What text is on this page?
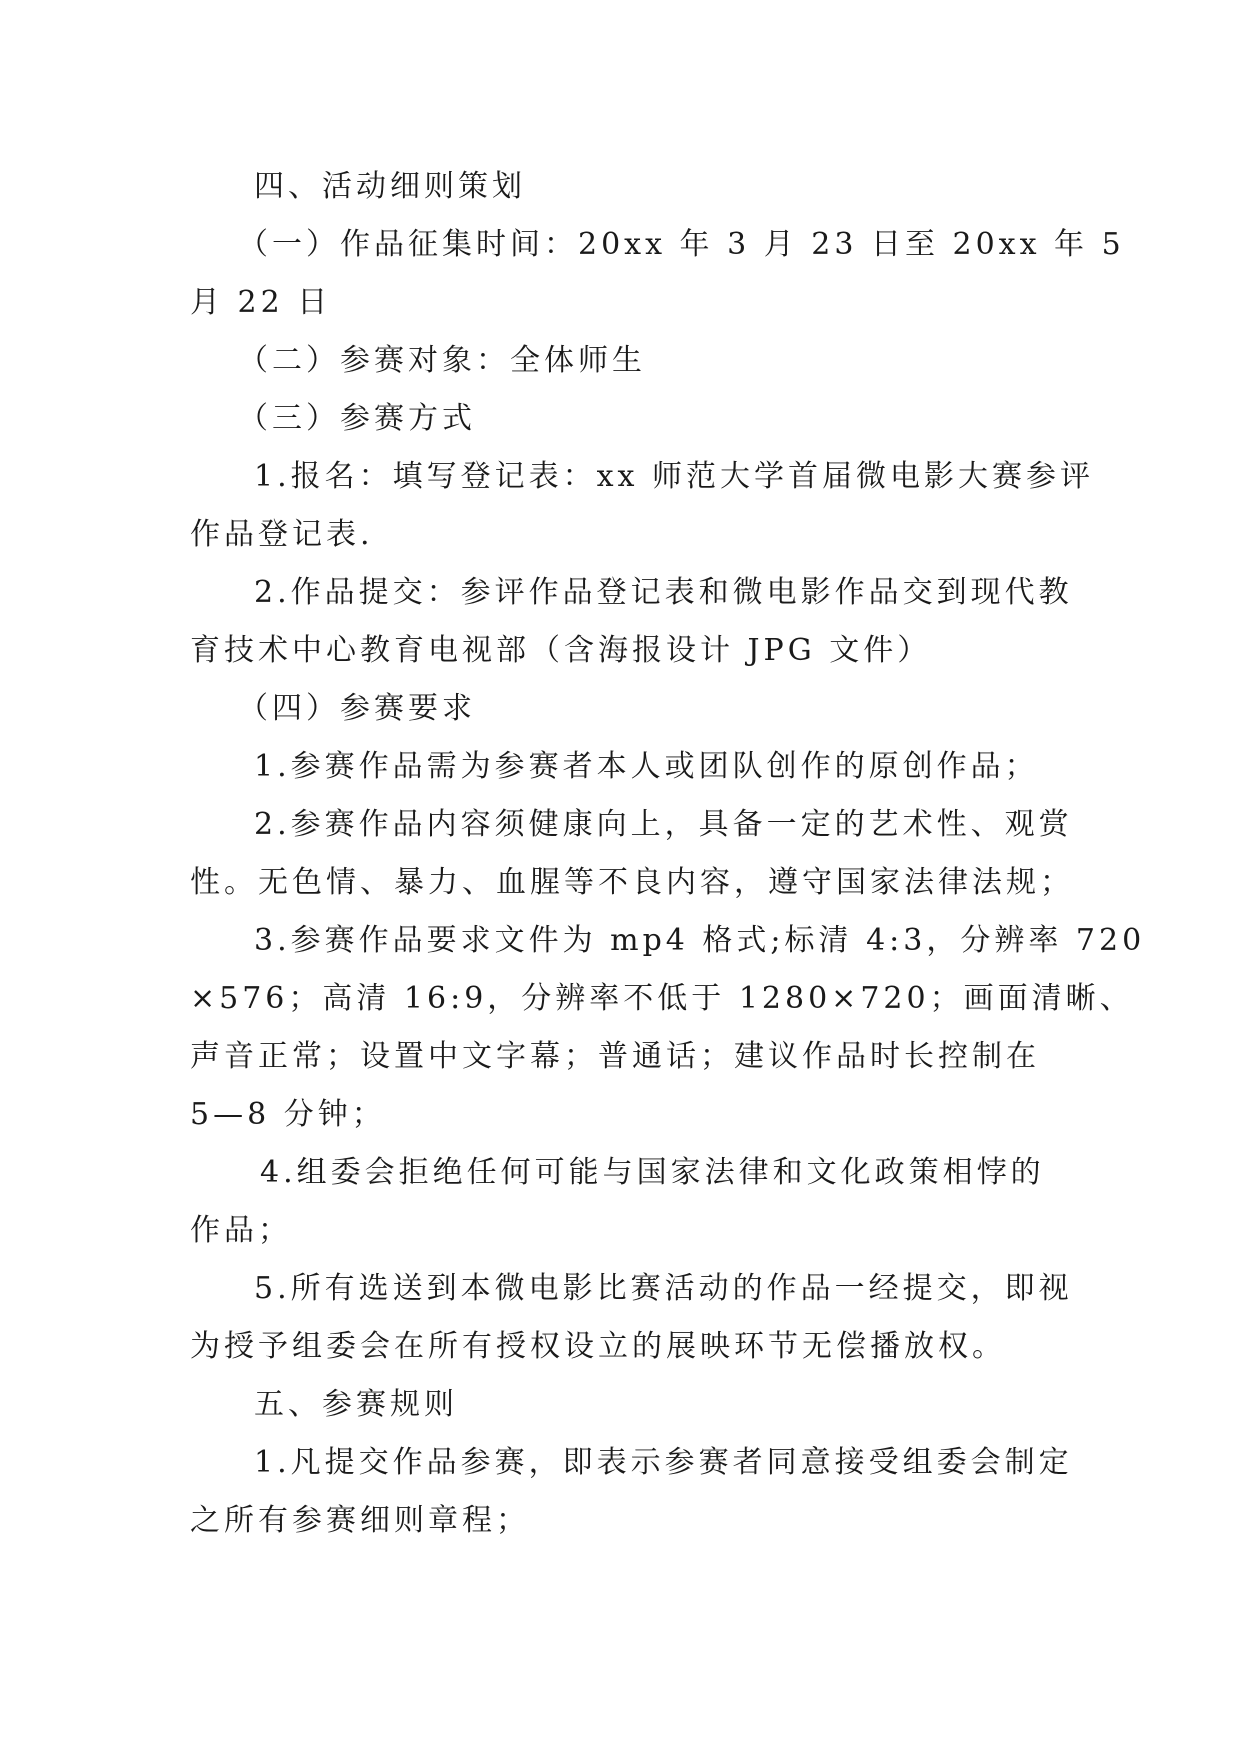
四、活动细则策划

（一）作品征集时间：20xx 年 3 月 23 日至 20xx 年 5

月 22 日

（二）参赛对象：全体师生

（三）参赛方式

1.报名：填写登记表：xx 师范大学首届微电影大赛参评

作品登记表.

2.作品提交：参评作品登记表和微电影作品交到现代教

育技术中心教育电视部（含海报设计 JPG 文件）

（四）参赛要求

1.参赛作品需为参赛者本人或团队创作的原创作品；

2.参赛作品内容须健康向上，具备一定的艺术性、观赏

性。无色情、暴力、血腥等不良内容，遵守国家法律法规；

3.参赛作品要求文件为 mp4 格式;标清 4:3，分辨率 720

×576；高清 16:9，分辨率不低于 1280×720；画面清晰、

声音正常；设置中文字幕；普通话；建议作品时长控制在

5—8 分钟；

4.组委会拒绝任何可能与国家法律和文化政策相悖的

作品；

5.所有选送到本微电影比赛活动的作品一经提交，即视

为授予组委会在所有授权设立的展映环节无偿播放权。

五、参赛规则

1.凡提交作品参赛，即表示参赛者同意接受组委会制定

之所有参赛细则章程；
